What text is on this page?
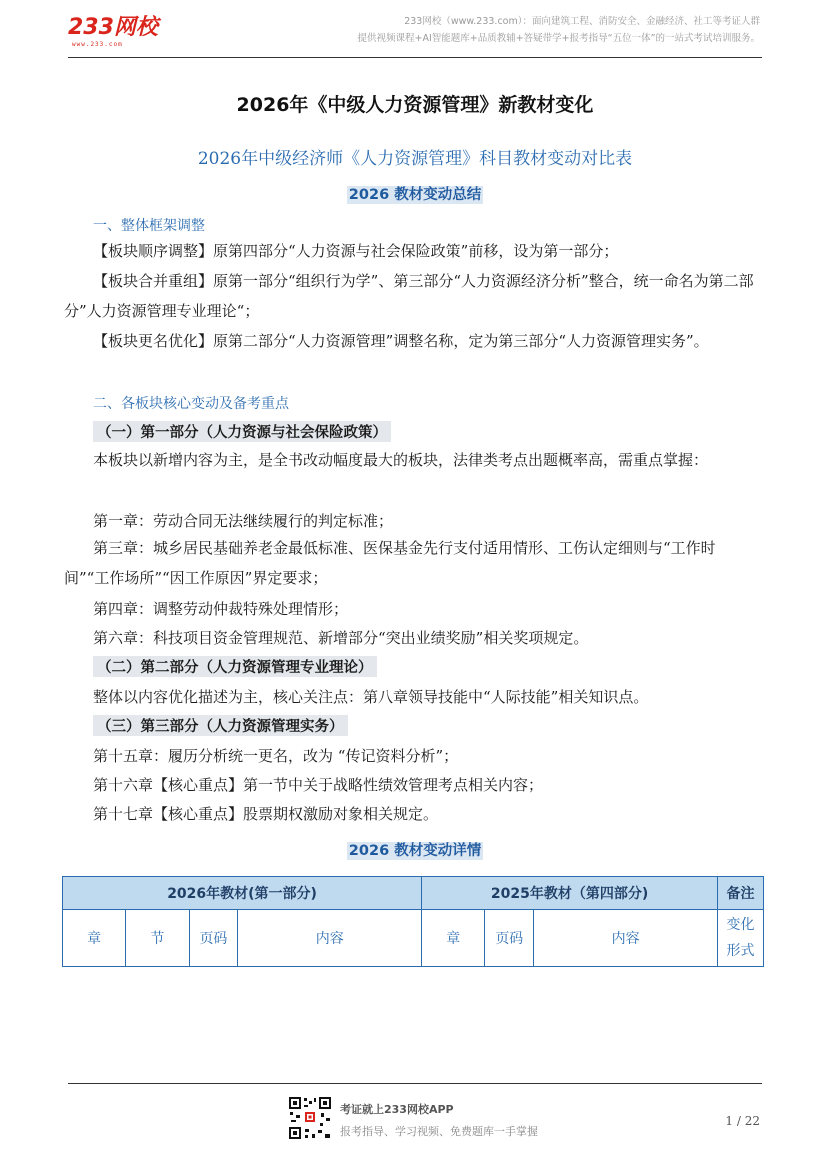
233网校
www.233.com
233网校（www.233.com）：面向建筑工程、消防安全、金融经济、社工等考证人群
提供视频课程+AI智能题库+品质教辅+答疑带学+报考指导“五位一体”的一站式考试培训服务。
2026年《中级人力资源管理》新教材变化
2026年中级经济师《人力资源管理》科目教材变动对比表
2026 教材变动总结
一、整体框架调整

【板块顺序调整】原第四部分“人力资源与社会保险政策”前移，设为第一部分；

【板块合并重组】原第一部分“组织行为学”、第三部分“人力资源经济分析”整合，统一命名为第二部分”人力资源管理专业理论“；

【板块更名优化】原第二部分“人力资源管理”调整名称，定为第三部分“人力资源管理实务”。

二、各板块核心变动及备考重点
（一）第一部分（人力资源与社会保险政策）

本板块以新增内容为主，是全书改动幅度最大的板块，法律类考点出题概率高，需重点掌握：

第一章：劳动合同无法继续履行的判定标准；

第三章：城乡居民基础养老金最低标准、医保基金先行支付适用情形、工伤认定细则与“工作时间”“工作场所”“因工作原因”界定要求；

第四章：调整劳动仲裁特殊处理情形；
第六章：科技项目资金管理规范、新增部分“突出业绩奖励”相关奖项规定。
（二）第二部分（人力资源管理专业理论）
整体以内容优化描述为主，核心关注点：第八章领导技能中“人际技能”相关知识点。
（三）第三部分（人力资源管理实务）
第十五章：履历分析统一更名，改为 “传记资料分析”；
第十六章【核心重点】第一节中关于战略性绩效管理考点相关内容；
第十七章【核心重点】股票期权激励对象相关规定。
2026 教材变动详情
2026年教材(第一部分)				2025年教材（第四部分)			备注
章	节	页码	内容	章	页码	内容	变化
形式
考证就上233网校APP
报考指导、学习视频、免费题库一手掌握
1 / 22
